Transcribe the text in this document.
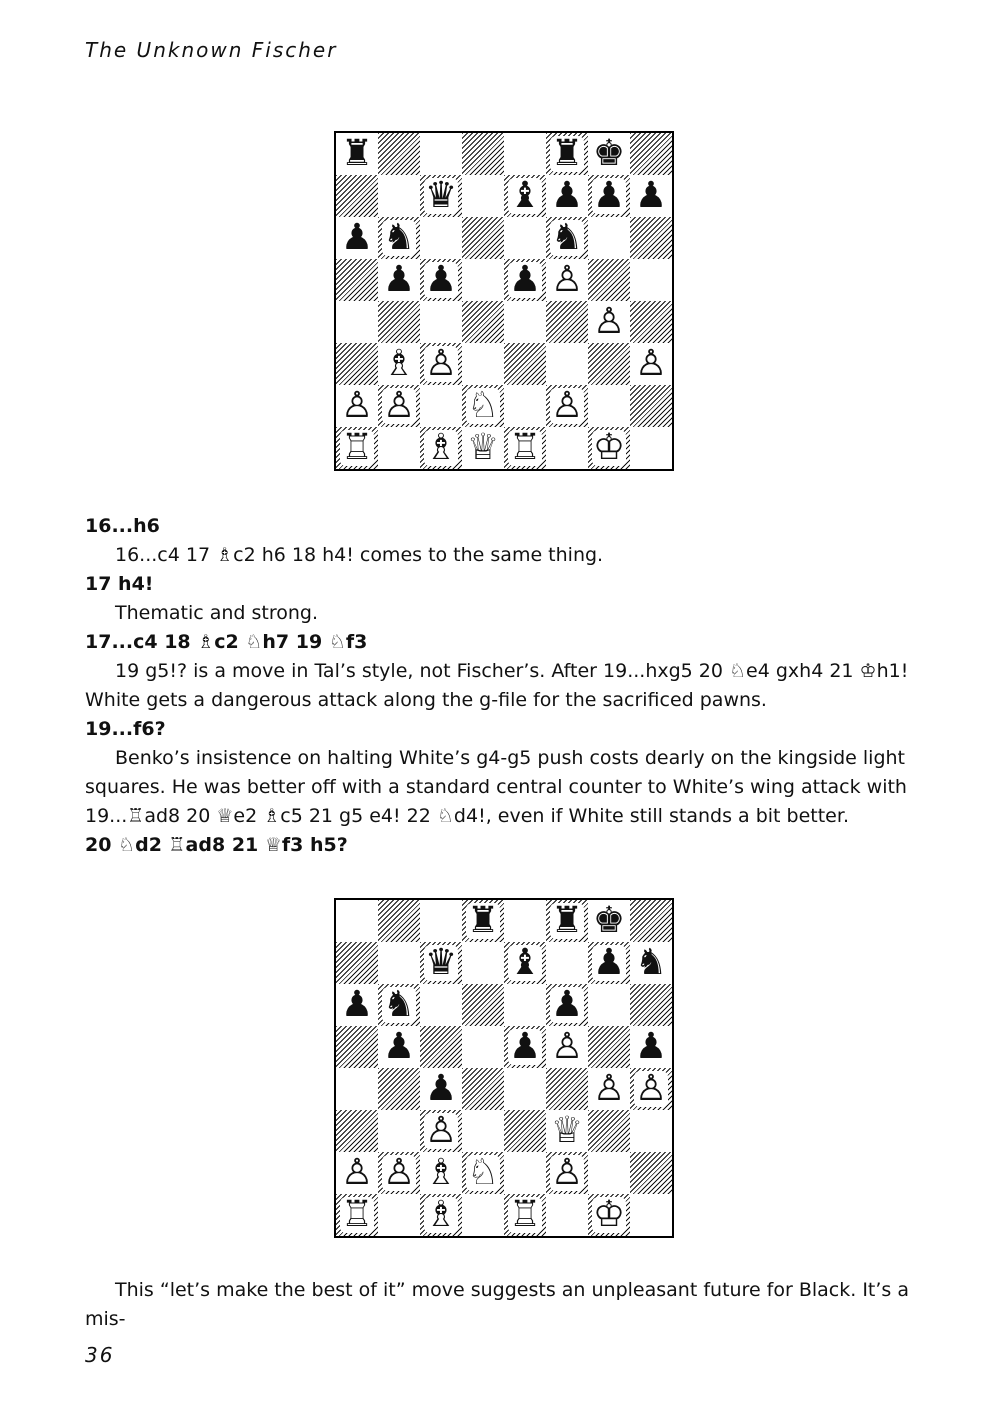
The Unknown Fischer
♜	♜ ♚
♛ ♝ ♟ ♟ ♟
♟ ♞	♞
♟ ♟ ♟ ♙
♙
♗ ♙	♙
♙ ♙ ♘ ♙
♖ ♗ ♕ ♖ ♔

16...h6

16...c4 17 ♗c2 h6 18 h4! comes to the same thing.

17 h4!

Thematic and strong.

17...c4 18 ♗c2 ♘h7 19 ♘f3

19 g5!? is a move in Tal’s style, not Fischer’s. After 19...hxg5 20 ♘e4 gxh4 21 ♔h1! White gets a dangerous attack along the g-file for the sacrificed pawns.

19...f6?

Benko’s insistence on halting White’s g4-g5 push costs dearly on the kingside light squares. He was better off with a standard central counter to White’s wing attack with 19...♖ad8 20 ♕e2 ♗c5 21 g5 e4! 22 ♘d4!, even if White still stands a bit better.

20 ♘d2 ♖ad8 21 ♕f3 h5?

♜ ♜ ♚
♛ ♝ ♟ ♞
♟ ♞	♟
♟	♟ ♙ ♟
♟	♙ ♙
♙	♕
♙ ♙ ♗ ♘ ♙
♖ ♗ ♖ ♔

This “let’s make the best of it” move suggests an unpleasant future for Black. It’s a mis-

36
